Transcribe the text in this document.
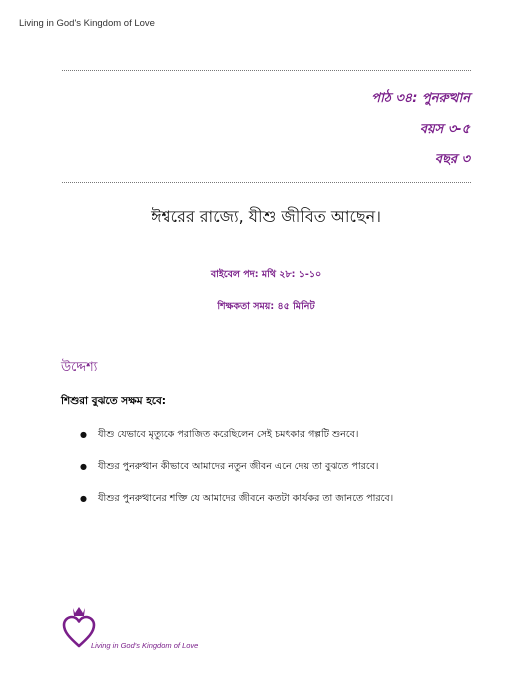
Living in God's Kingdom of Love
পাঠ ৩৪: পুনরুত্থান
বয়স ৩-৫
বছর ৩
ঈশ্বরের রাজ্যে, যীশু জীবিত আছেন।
বাইবেল পদ: মথি ২৮: ১-১০
শিক্ষকতা সময়: ৪৫ মিনিট
উদ্দেশ্য
শিশুরা বুঝতে সক্ষম হবে:
● যীশু যেভাবে মৃত্যুকে পরাজিত করেছিলেন সেই চমৎকার গল্পটি শুনবে।
● যীশুর পুনরুত্থান কীভাবে আমাদের নতুন জীবন এনে দেয় তা বুঝতে পারবে।
● যীশুর পুনরুত্থানের শক্তি যে আমাদের জীবনে কতটা কার্যকর তা জানতে পারবে।
Living in God's Kingdom of Love
